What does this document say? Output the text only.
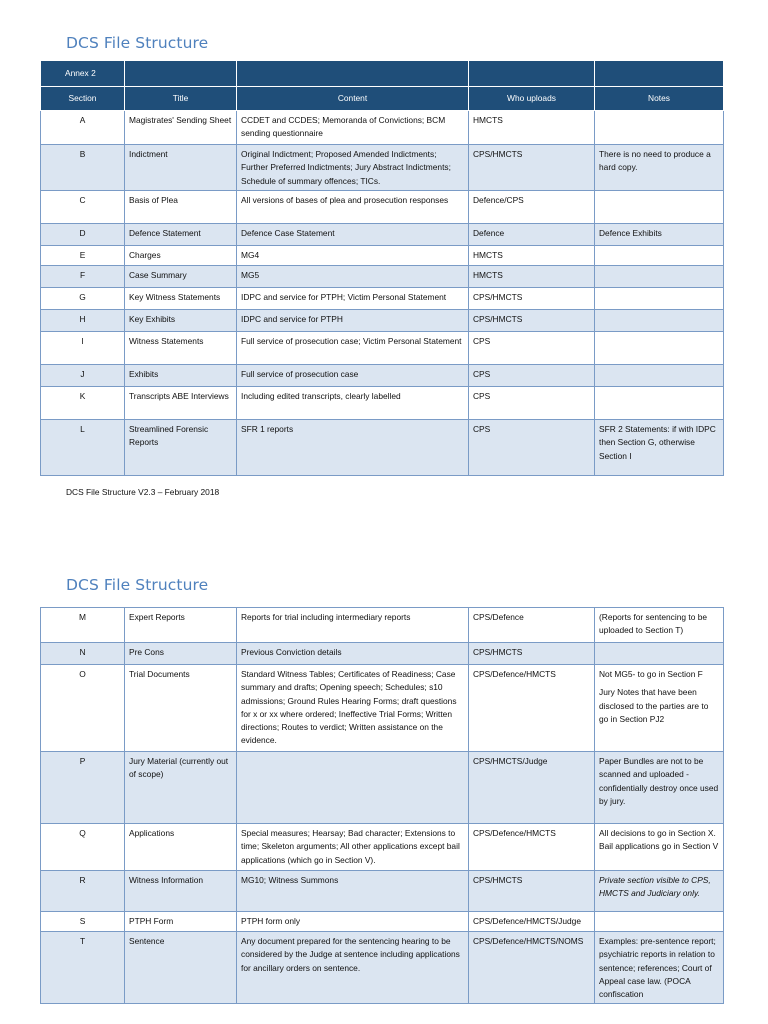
DCS File Structure
Annex 2				
Section	Title	Content	Who uploads	Notes
A	Magistrates' Sending Sheet	CCDET and CCDES; Memoranda of Convictions; BCM sending questionnaire	HMCTS	
B	Indictment	Original Indictment; Proposed Amended Indictments; Further Preferred Indictments; Jury Abstract Indictments; Schedule of summary offences; TICs.	CPS/HMCTS	There is no need to produce a hard copy.
C	Basis of Plea	All versions of bases of plea and prosecution responses	Defence/CPS	
D	Defence Statement	Defence Case Statement	Defence	Defence Exhibits
E	Charges	MG4	HMCTS	
F	Case Summary	MG5	HMCTS	
G	Key Witness Statements	IDPC and service for PTPH; Victim Personal Statement	CPS/HMCTS	
H	Key Exhibits	IDPC and service for PTPH	CPS/HMCTS	
I	Witness Statements	Full service of prosecution case; Victim Personal Statement	CPS	
J	Exhibits	Full service of prosecution case	CPS	
K	Transcripts ABE Interviews	Including edited transcripts, clearly labelled	CPS	
L	Streamlined Forensic Reports	SFR 1 reports	CPS	SFR 2 Statements: if with IDPC then Section G, otherwise Section I
DCS File Structure V2.3 – February 2018
DCS File Structure
M	Expert Reports	Reports for trial including intermediary reports	CPS/Defence	(Reports for sentencing to be uploaded to Section T)

N	Pre Cons	Previous Conviction details	CPS/HMCTS	

O	Trial Documents	Standard Witness Tables; Certificates of Readiness; Case summary and drafts; Opening speech; Schedules; s10 admissions; Ground Rules Hearing Forms; draft questions for x or xx where ordered; Ineffective Trial Forms; Written directions; Routes to verdict; Written assistance on the evidence.	CPS/Defence/HMCTS	Not MG5- to go in Section F

Jury Notes that have been disclosed to the parties are to go in Section PJ2

P	Jury Material (currently out of scope)		CPS/HMCTS/Judge	Paper Bundles are not to be scanned and uploaded - confidentially destroy once used by jury.

Q	Applications	Special measures; Hearsay; Bad character; Extensions to time; Skeleton arguments; All other applications except bail applications (which go in Section V).	CPS/Defence/HMCTS	All decisions to go in Section X. Bail applications go in Section V

R	Witness Information	MG10; Witness Summons	CPS/HMCTS	Private section visible to CPS, HMCTS and Judiciary only.

S	PTPH Form	PTPH form only	CPS/Defence/HMCTS/Judge	

T	Sentence	Any document prepared for the sentencing hearing to be considered by the Judge at sentence including applications for ancillary orders on sentence.	CPS/Defence/HMCTS/NOMS	Examples: pre-sentence report; psychiatric reports in relation to sentence; references; Court of Appeal case law. (POCA confiscation
